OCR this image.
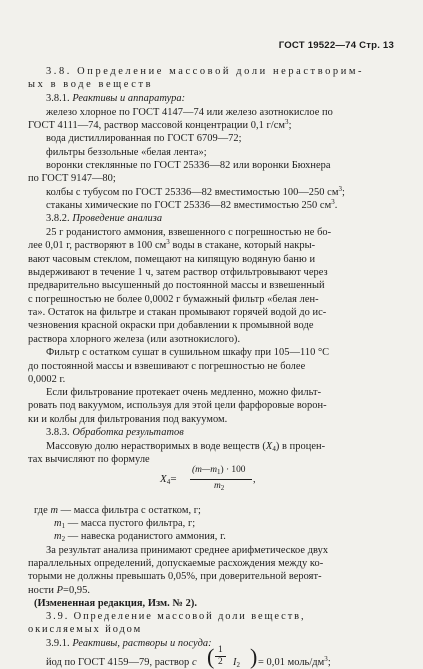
ГОСТ 19522—74 Стр. 13
3.8. Определение массовой доли нерастворим-
ых в воде веществ
3.8.1. Реактивы и аппаратура:
железо хлорное по ГОСТ 4147—74 или железо азотнокислое по
ГОСТ 4111—74, раствор массовой концентрации 0,1 $г/см^3$;
вода дистиллированная по ГОСТ 6709—72;
фильтры беззольные «белая лента»;
воронки стеклянные по ГОСТ 25336—82 или воронки Бюхнера
по ГОСТ 9147—80;
колбы с тубусом по ГОСТ 25336—82 вместимостью 100—250 $см^3$;
стаканы химические по ГОСТ 25336—82 вместимостью 250 $см^3$.
3.8.2. Проведение анализа
25 г роданистого аммония, взвешенного с погрешностью не бо-
лее 0,01 г, растворяют в 100 $см^3$ воды в стакане, который накры-
вают часовым стеклом, помещают на кипящую водяную баню и
выдерживают в течение 1 ч, затем раствор отфильтровывают через
предварительно высушенный до постоянной массы и взвешенный
с погрешностью не более 0,0002 г бумажный фильтр «белая лен-
та». Остаток на фильтре и стакан промывают горячей водой до ис-
чезновения красной окраски при добавлении к промывной воде
раствора хлорного железа (или азотнокислого).
Фильтр с остатком сушат в сушильном шкафу при 105—110 °С
до постоянной массы и взвешивают с погрешностью не более
0,0002 г.
Если фильтрование протекает очень медленно, можно фильт-
ровать под вакуумом, используя для этой цели фарфоровые ворон-
ки и колбы для фильтрования под вакуумом.
3.8.3. Обработка результатов
Массовую долю нерастворимых в воде веществ $(X_4)$ в процен-
тах вычисляют по формуле
$X_4=$
$(m—m_1) \cdot 100$
$m_2$
,
где m — масса фильтра с остатком, г;
$m_1$ — масса пустого фильтра, г;
$m_2$ — навеска роданистого аммония, г.
За результат анализа принимают среднее арифметическое двух
параллельных определений, допускаемые расхождения между ко-
торыми не должны превышать 0,05%, при доверительной вероят-
ности P=0,95.
(Измененная редакция, Изм. № 2).
3.9. Определение массовой доли веществ,
окисляемых йодом
3.9.1. Реактивы, растворы и посуда:
йод по ГОСТ 4159—79, раствор c ( 1
2 $I_2$ ) = 0,01 моль/$дм^3$;
